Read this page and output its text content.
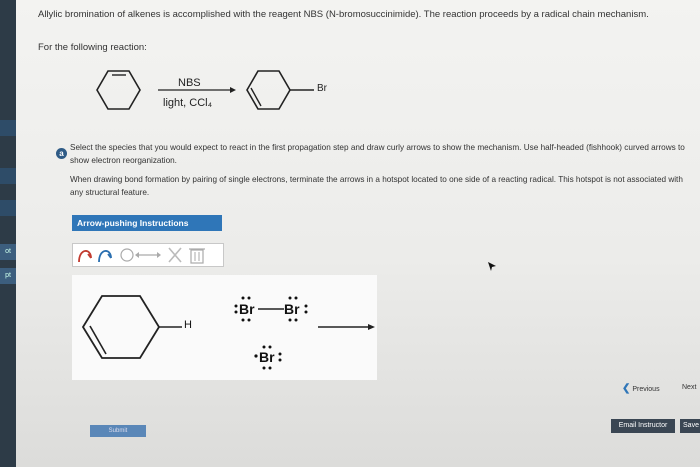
ot
pt
Allylic bromination of alkenes is accomplished with the reagent NBS (N-bromosuccinimide). The reaction proceeds by a radical chain mechanism.
For the following reaction:
NBS
light, CCl₄
Br
a
Select the species that you would expect to react in the first propagation step and draw curly arrows to show the mechanism. Use half-headed (fishhook) curved arrows to show electron reorganization.
When drawing bond formation by pairing of single electrons, terminate the arrows in a hotspot located to one side of a reacting radical. This hotspot is not associated with any structural feature.
Arrow-pushing Instructions
H
Br Br
Br
❮ Previous	Next
Email Instructor	Save
Submit
